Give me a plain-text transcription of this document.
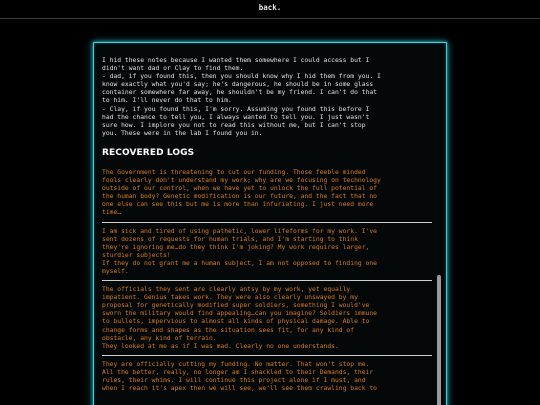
back.

I hid these notes because I wanted them somewhere I could access but I
didn't want dad or Clay to find them.
- dad, if you found this, then you should know why I hid them from you. I
know exactly what you'd say; he's dangerous, he should be in some glass
container somewhere far away, he shouldn't be my friend. I can't do that
to him. I'll never do that to him.
- Clay, if you found this, I'm sorry. Assuming you found this before I
had the chance to tell you, I always wanted to tell you. I just wasn't
sure how. I implore you not to read this without me, but I can't stop
you. These were in the lab I found you in.

RECOVERED LOGS

The Government is threatening to cut our funding. Those feeble minded
fools clearly don't understand my work; why are we focusing on technology
outside of our control, when we have yet to unlock the full potential of
the human body? Genetic modification is our future, and the fact that no
one else can see this but me is more than infuriating. I just need more
time…

I am sick and tired of using pathetic, lower lifeforms for my work. I've
sent dozens of requests for human trials, and I'm starting to think
they're ignoring me…do they think I'm joking? My work requires larger,
sturdier subjects!
If they do not grant me a human subject, I am not opposed to finding one
myself.

The officials they sent are clearly antsy by my work, yet equally
impatient. Genius takes work. They were also clearly unswayed by my
proposal for genetically modified super soldiers, something I would've
sworn the military would find appealing…can you imagine? Soldiers immune
to bullets, impervious to almost all kinds of physical damage. Able to
change forms and shapes as the situation sees fit, for any kind of
obstacle, any kind of terrain.
They looked at me as if I was mad. Clearly no one understands.

They are officially cutting my funding. No matter. That won't stop me.
All the better, really, no longer am I shackled to their Demands, their
rules, their whims. I will continue this project alone if I must, and
when I reach it's apex then we will see, we'll see them crawling back to
